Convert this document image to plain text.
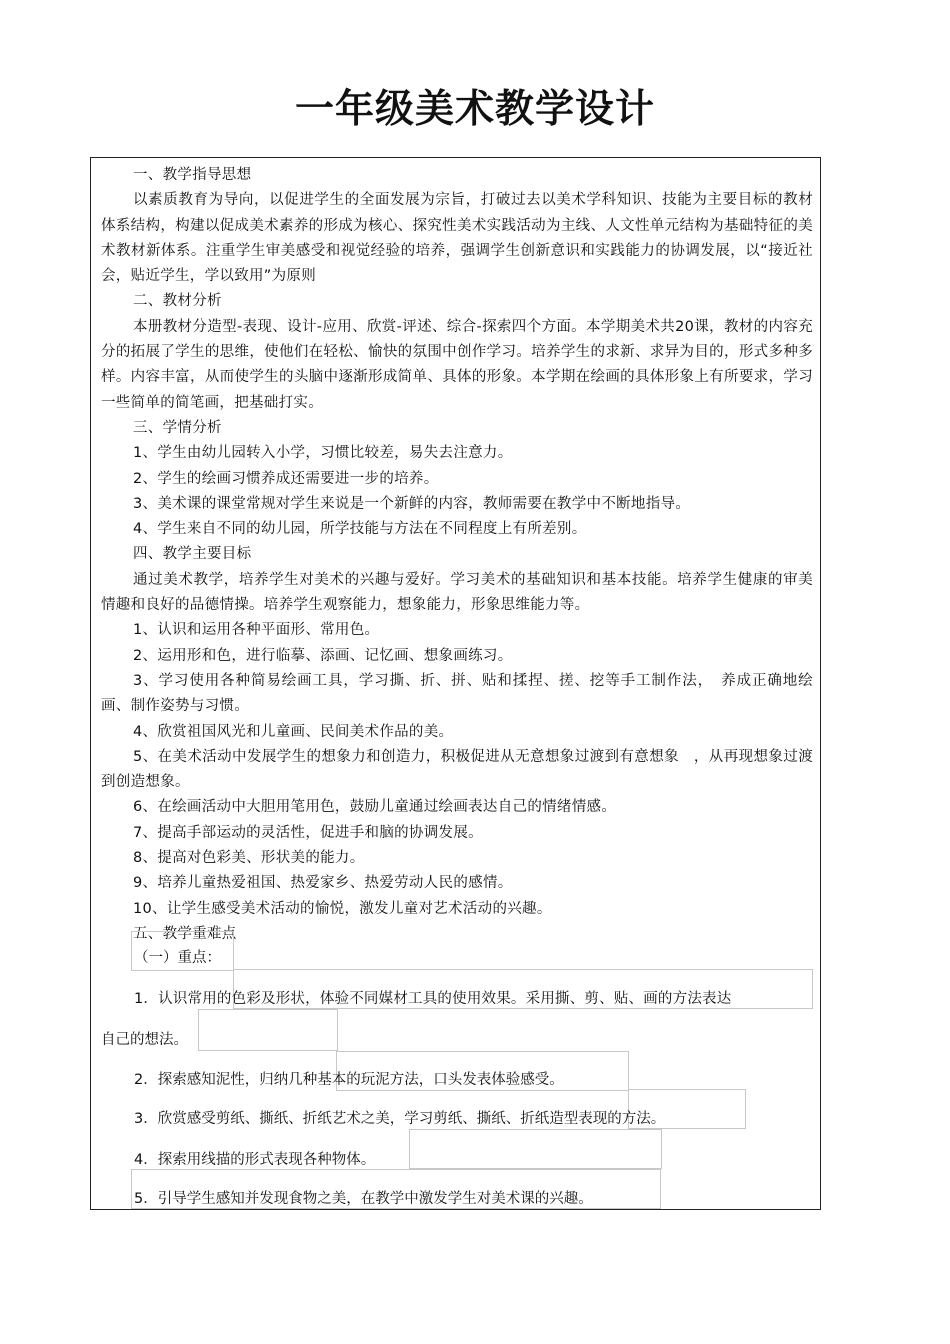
一年级美术教学设计

一、教学指导思想

以素质教育为导向，以促进学生的全面发展为宗旨，打破过去以美术学科知识、技能为主要目标的教材体系结构，构建以促成美术素养的形成为核心、探究性美术实践活动为主线、人文性单元结构为基础特征的美术教材新体系。注重学生审美感受和视觉经验的培养，强调学生创新意识和实践能力的协调发展，以“接近社会，贴近学生，学以致用”为原则

二、教材分析

本册教材分造型-表现、设计-应用、欣赏-评述、综合-探索四个方面。本学期美术共20课，教材的内容充分的拓展了学生的思维，使他们在轻松、愉快的氛围中创作学习。培养学生的求新、求异为目的，形式多种多样。内容丰富，从而使学生的头脑中逐渐形成简单、具体的形象。本学期在绘画的具体形象上有所要求，学习一些简单的简笔画，把基础打实。

三、学情分析

1、学生由幼儿园转入小学，习惯比较差，易失去注意力。

2、学生的绘画习惯养成还需要进一步的培养。

3、美术课的课堂常规对学生来说是一个新鲜的内容，教师需要在教学中不断地指导。

4、学生来自不同的幼儿园，所学技能与方法在不同程度上有所差别。

四、教学主要目标

通过美术教学，培养学生对美术的兴趣与爱好。学习美术的基础知识和基本技能。培养学生健康的审美情趣和良好的品德情操。培养学生观察能力，想象能力，形象思维能力等。

1、认识和运用各种平面形、常用色。

2、运用形和色，进行临摹、添画、记忆画、想象画练习。

3、学习使用各种简易绘画工具，学习撕、折、拼、贴和揉捏、搓、挖等手工制作法，　养成正确地绘画、制作姿势与习惯。

4、欣赏祖国风光和儿童画、民间美术作品的美。

5、在美术活动中发展学生的想象力和创造力，积极促进从无意想象过渡到有意想象　，从再现想象过渡到创造想象。

6、在绘画活动中大胆用笔用色，鼓励儿童通过绘画表达自己的情绪情感。

7、提高手部运动的灵活性，促进手和脑的协调发展。

8、提高对色彩美、形状美的能力。

9、培养儿童热爱祖国、热爱家乡、热爱劳动人民的感情。

10、让学生感受美术活动的愉悦，激发儿童对艺术活动的兴趣。

五、教学重难点

（一）重点：
1．认识常用的色彩及形状，体验不同媒材工具的使用效果。采用撕、剪、贴、画的方法表达
自己的想法。
2．探索感知泥性，归纳几种基本的玩泥方法，口头发表体验感受。
3．欣赏感受剪纸、撕纸、折纸艺术之美，学习剪纸、撕纸、折纸造型表现的方法。
4．探索用线描的形式表现各种物体。
5．引导学生感知并发现食物之美，在教学中激发学生对美术课的兴趣。
